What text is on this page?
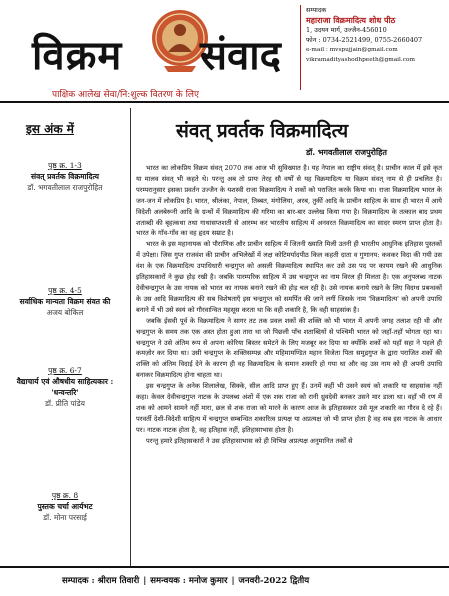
विक्रम संवाद
पाक्षिक आलेख सेवा/नि:शुल्क वितरण के लिए
सम्पादक
महाराजा विक्रमादित्य शोध पीठ
1, उदयन मार्ग, उज्जैन-456010
फोन : 0734-2521499, 0755-2660407
e-mail : mvspujjain@gmail.com
vikramadityashodhpeeth@gmail.com
इस अंक में
पृष्ठ क्र. 1-3
संवत् प्रवर्तक विक्रमादित्य
डॉ. भगवतीलाल राजपुरोहित
पृष्ठ क्र. 4-5
सर्वाधिक मान्यता विक्रम संवत की
अजय बोकिल
पृष्ठ क्र. 6-7
वैद्याचार्य एवं औषधीय साहित्यकार : 'धन्वन्तरि'
डॉ. प्रीति पांडेय
पृष्ठ क्र. 8
पुस्तक चर्चा आर्यभट
डॉ. मोना परसाई
संवत् प्रवर्तक विक्रमादित्य
डॉ. भगवतीलाल राजपुरोहित

भारत का लोकप्रिय विक्रम संवत् 2070 तक आज भी सुविख्यात है। यह नेपाल का राष्ट्रीय संवत् है। प्राचीन काल में इसे कृत या मालव संवत् भी कहते थे। परन्तु अब तो प्रायः तेरह सौ वर्षों से यह विक्रमादित्य या विक्रम संवत् नाम से ही प्रचलित है। परम्परानुसार इसका प्रवर्तन उज्जैन के यशस्वी राजा विक्रमादित्य ने शकों को पराजित करके किया था। राजा विक्रमादित्य भारत के जन-जन में लोकप्रिय है। भारत, श्रीलंका, नेपाल, तिब्बत, मंगोलिया, अरब, तुर्की आदि के प्राचीन साहित्य के साथ ही भारत में आये विदेशी अलबेरूनी आदि के ग्रन्थों में विक्रमादित्य की गरिमा का बार-बार उल्लेख किया गया है। विक्रमादित्य के तत्काल बाद प्रथम शताब्दी की बृहत्कथा तथा गाथासप्तशती से आरम्भ कर भारतीय साहित्य में अनवरत विक्रमादित्य का सादर स्मरण प्राप्त होता है। भारत के गाँव-गाँव का वह हृदय सम्राट है।

भारत के इस महानायक को पौराणिक और प्राचीन साहित्य में जितनी ख्याति मिली उतनी ही भारतीय आधुनिक इतिहास पुस्तकों में उपेक्षा। जिस गुप्त राजवंश की प्राचीन अभिलेखों में लक्ष कोटिमर्यादपीठ किल कहती दाता व गुणानय: कवकर विदा की गयी उस वंश के एक विक्रमादित्य उपाधिधारी चन्द्रगुप्त को असली विक्रमादित्य स्थापित कर उसे उस पद पर कायम रखने की आधुनिक इतिहासकारों ने कुछ होड़ रखी है। जबकि पारम्परिक साहित्य में उस चन्द्रगुप्त का नाम विरल ही मिलता है। एक अनुपलब्ध नाटक देवीचन्द्रगुप्त के उस नायक को भारत का नायक बनाने रखने की होड़ चल रही है। उसे नायक बनाये रखने के लिए विदग्ध प्रबन्धकों के उस आदि विक्रमादित्य की सब विशेषताएँ इस चन्द्रगुप्त को समर्पित की जाने लगीं जिसके नाम 'विक्रमादित्य' को अपनी उपाधि बनाने में भी उसे स्वयं को गौरवान्वित महसूस करता था कि वही शकारि है, कि वही साहसांक है।

जबकि ईसवी पूर्व के विक्रमादित्य ने सागर तट तक प्रवल शकों की शक्ति को भी भारत में अपनी जगह तलाश रही थी और चन्द्रगुप्त के समय तक एक अस्त होता हुआ तारा था जो पिछली पाँच शताब्दियों से पश्चिमी भारत को जहाँ-तहाँ भोगता रहा था। चन्द्रगुप्त ने उसे अंतिम रूप से अपना कोरिया बिस्तर समेटने के लिए मजबूर कर दिया था क्योंकि शकों को यहाँ सहा ने पहले ही कमज़ोर कर दिया था। उसी चन्द्रगुप्त के शक्तिसम्पन्न और महिमामण्डित महान विजेता पिता समुद्रगुप्त के द्वारा पराजित शकों की शक्ति को अंतिम विदाई देने के कारण ही वह विक्रमादित्य के समान शकारि हो गया था और वह उस नाम को ही अपनी उपाधि बनाकर विक्रमादित्य होना चाहता था।

इस चन्द्रगुप्त के अनेक शिलालेख, सिक्के, सील आदि प्राप्त हुए हैं। उनमें कहीं भी उसने स्वयं को शकारि या साहसांक नहीं कहा। केवल देवीचन्द्रगुप्त नाटक के उपलब्ध अंशों में एक शक राजा को रानी ध्रुवदेवी बनकर उसने मार डाला था। वहाँ भी रण में शक को आमने सामने नहीं मारा, छल से शक राजा को मारने के कारण आज के इतिहासकार उसे मूल शकारि का गौरव दे रहे हैं। परवर्ती देशी-विदेशी साहित्य में चन्द्रगुप्त सम्बन्धित शकारित्व प्रत्यक्ष या अप्रत्यक्ष जो भी प्राप्त होता है वह सब इस नाटक के आधार पर। नाटक नाटक होता है, वह इतिहास नहीं, इतिहासाभास होता है।

परन्तु हमारे इतिहासकारों ने उस इतिहासाभास को ही विभिन्न अप्रत्यक्ष अनुमानित तर्कों से

सम्पादक : श्रीराम तिवारी | समन्वयक : मनोज कुमार | जनवरी-2022 द्वितीय
